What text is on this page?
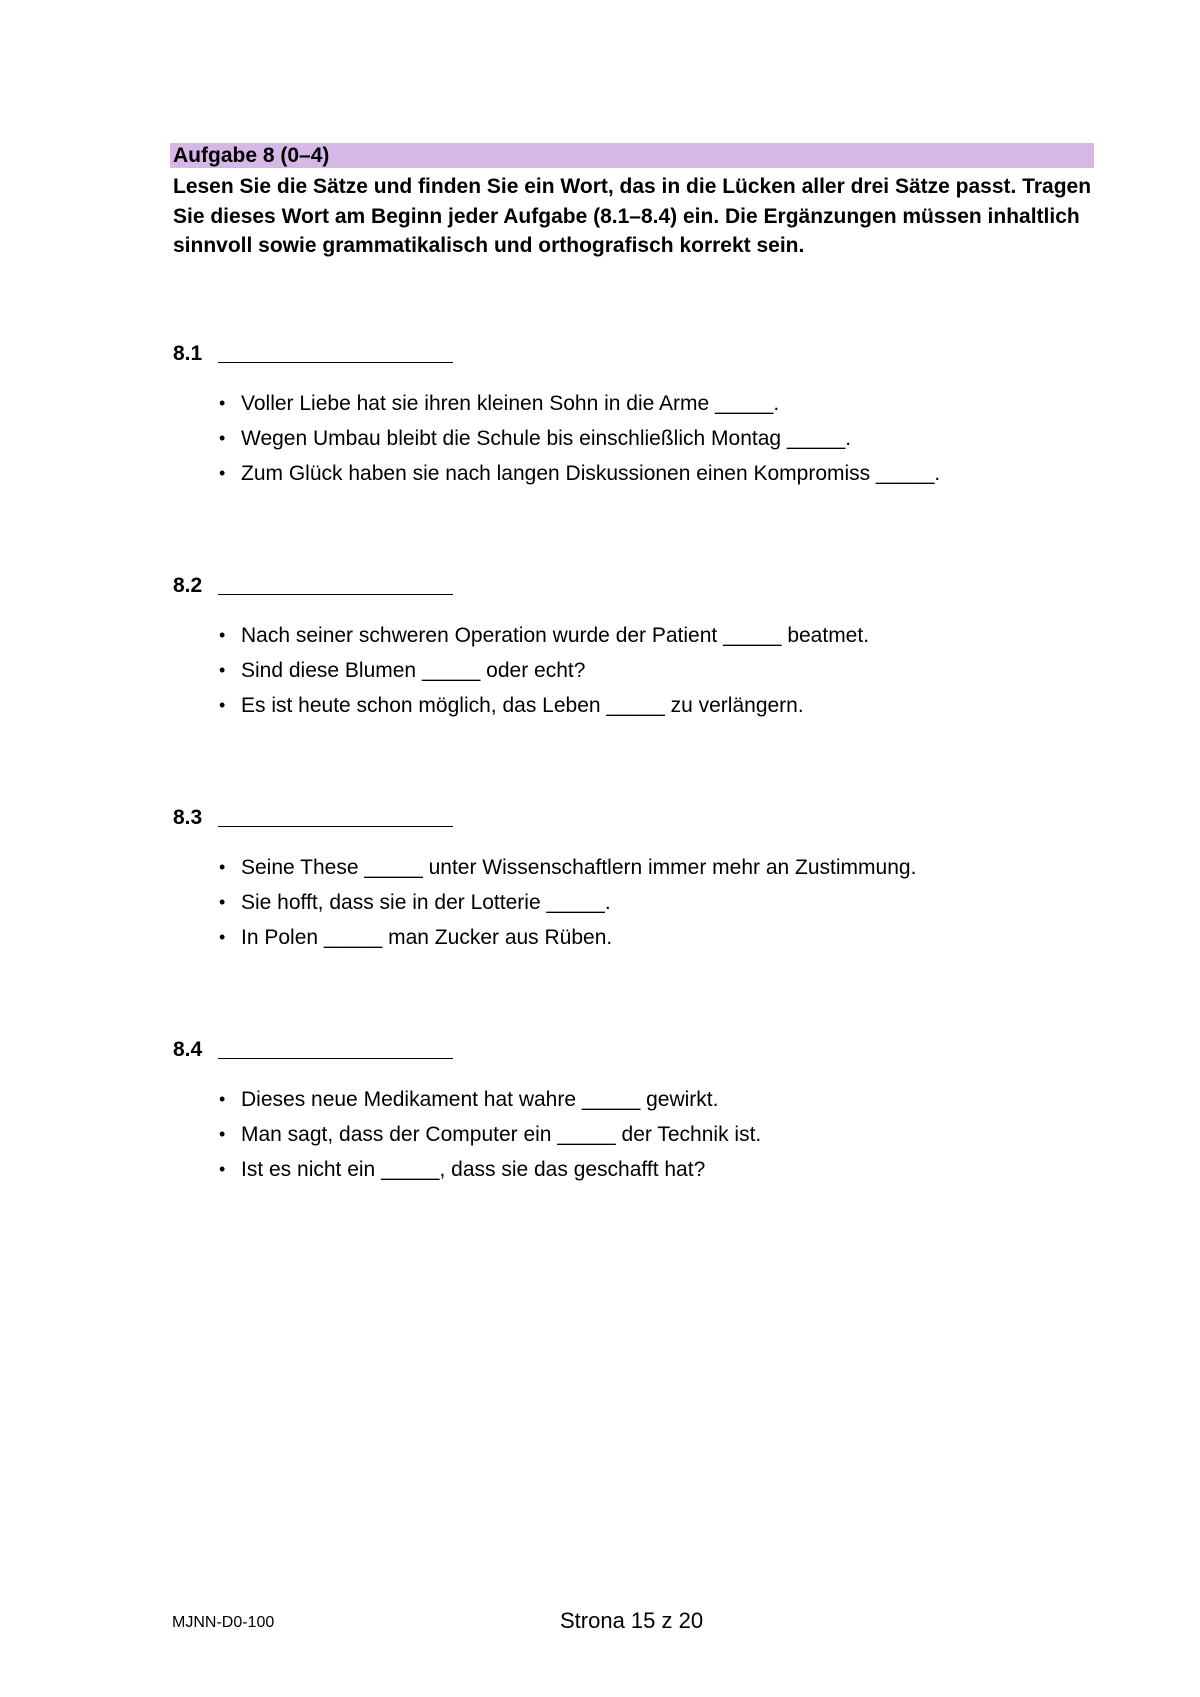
Aufgabe 8 (0–4)
Lesen Sie die Sätze und finden Sie ein Wort, das in die Lücken aller drei Sätze passt. Tragen Sie dieses Wort am Beginn jeder Aufgabe (8.1–8.4) ein. Die Ergänzungen müssen inhaltlich sinnvoll sowie grammatikalisch und orthografisch korrekt sein.
8.1
• Voller Liebe hat sie ihren kleinen Sohn in die Arme _____.
• Wegen Umbau bleibt die Schule bis einschließlich Montag _____.
• Zum Glück haben sie nach langen Diskussionen einen Kompromiss _____.
8.2
• Nach seiner schweren Operation wurde der Patient _____ beatmet.
• Sind diese Blumen _____ oder echt?
• Es ist heute schon möglich, das Leben _____ zu verlängern.
8.3
• Seine These _____ unter Wissenschaftlern immer mehr an Zustimmung.
• Sie hofft, dass sie in der Lotterie _____.
• In Polen _____ man Zucker aus Rüben.
8.4
• Dieses neue Medikament hat wahre _____ gewirkt.
• Man sagt, dass der Computer ein _____ der Technik ist.
• Ist es nicht ein _____, dass sie das geschafft hat?
MJNN-D0-100	Strona 15 z 20
